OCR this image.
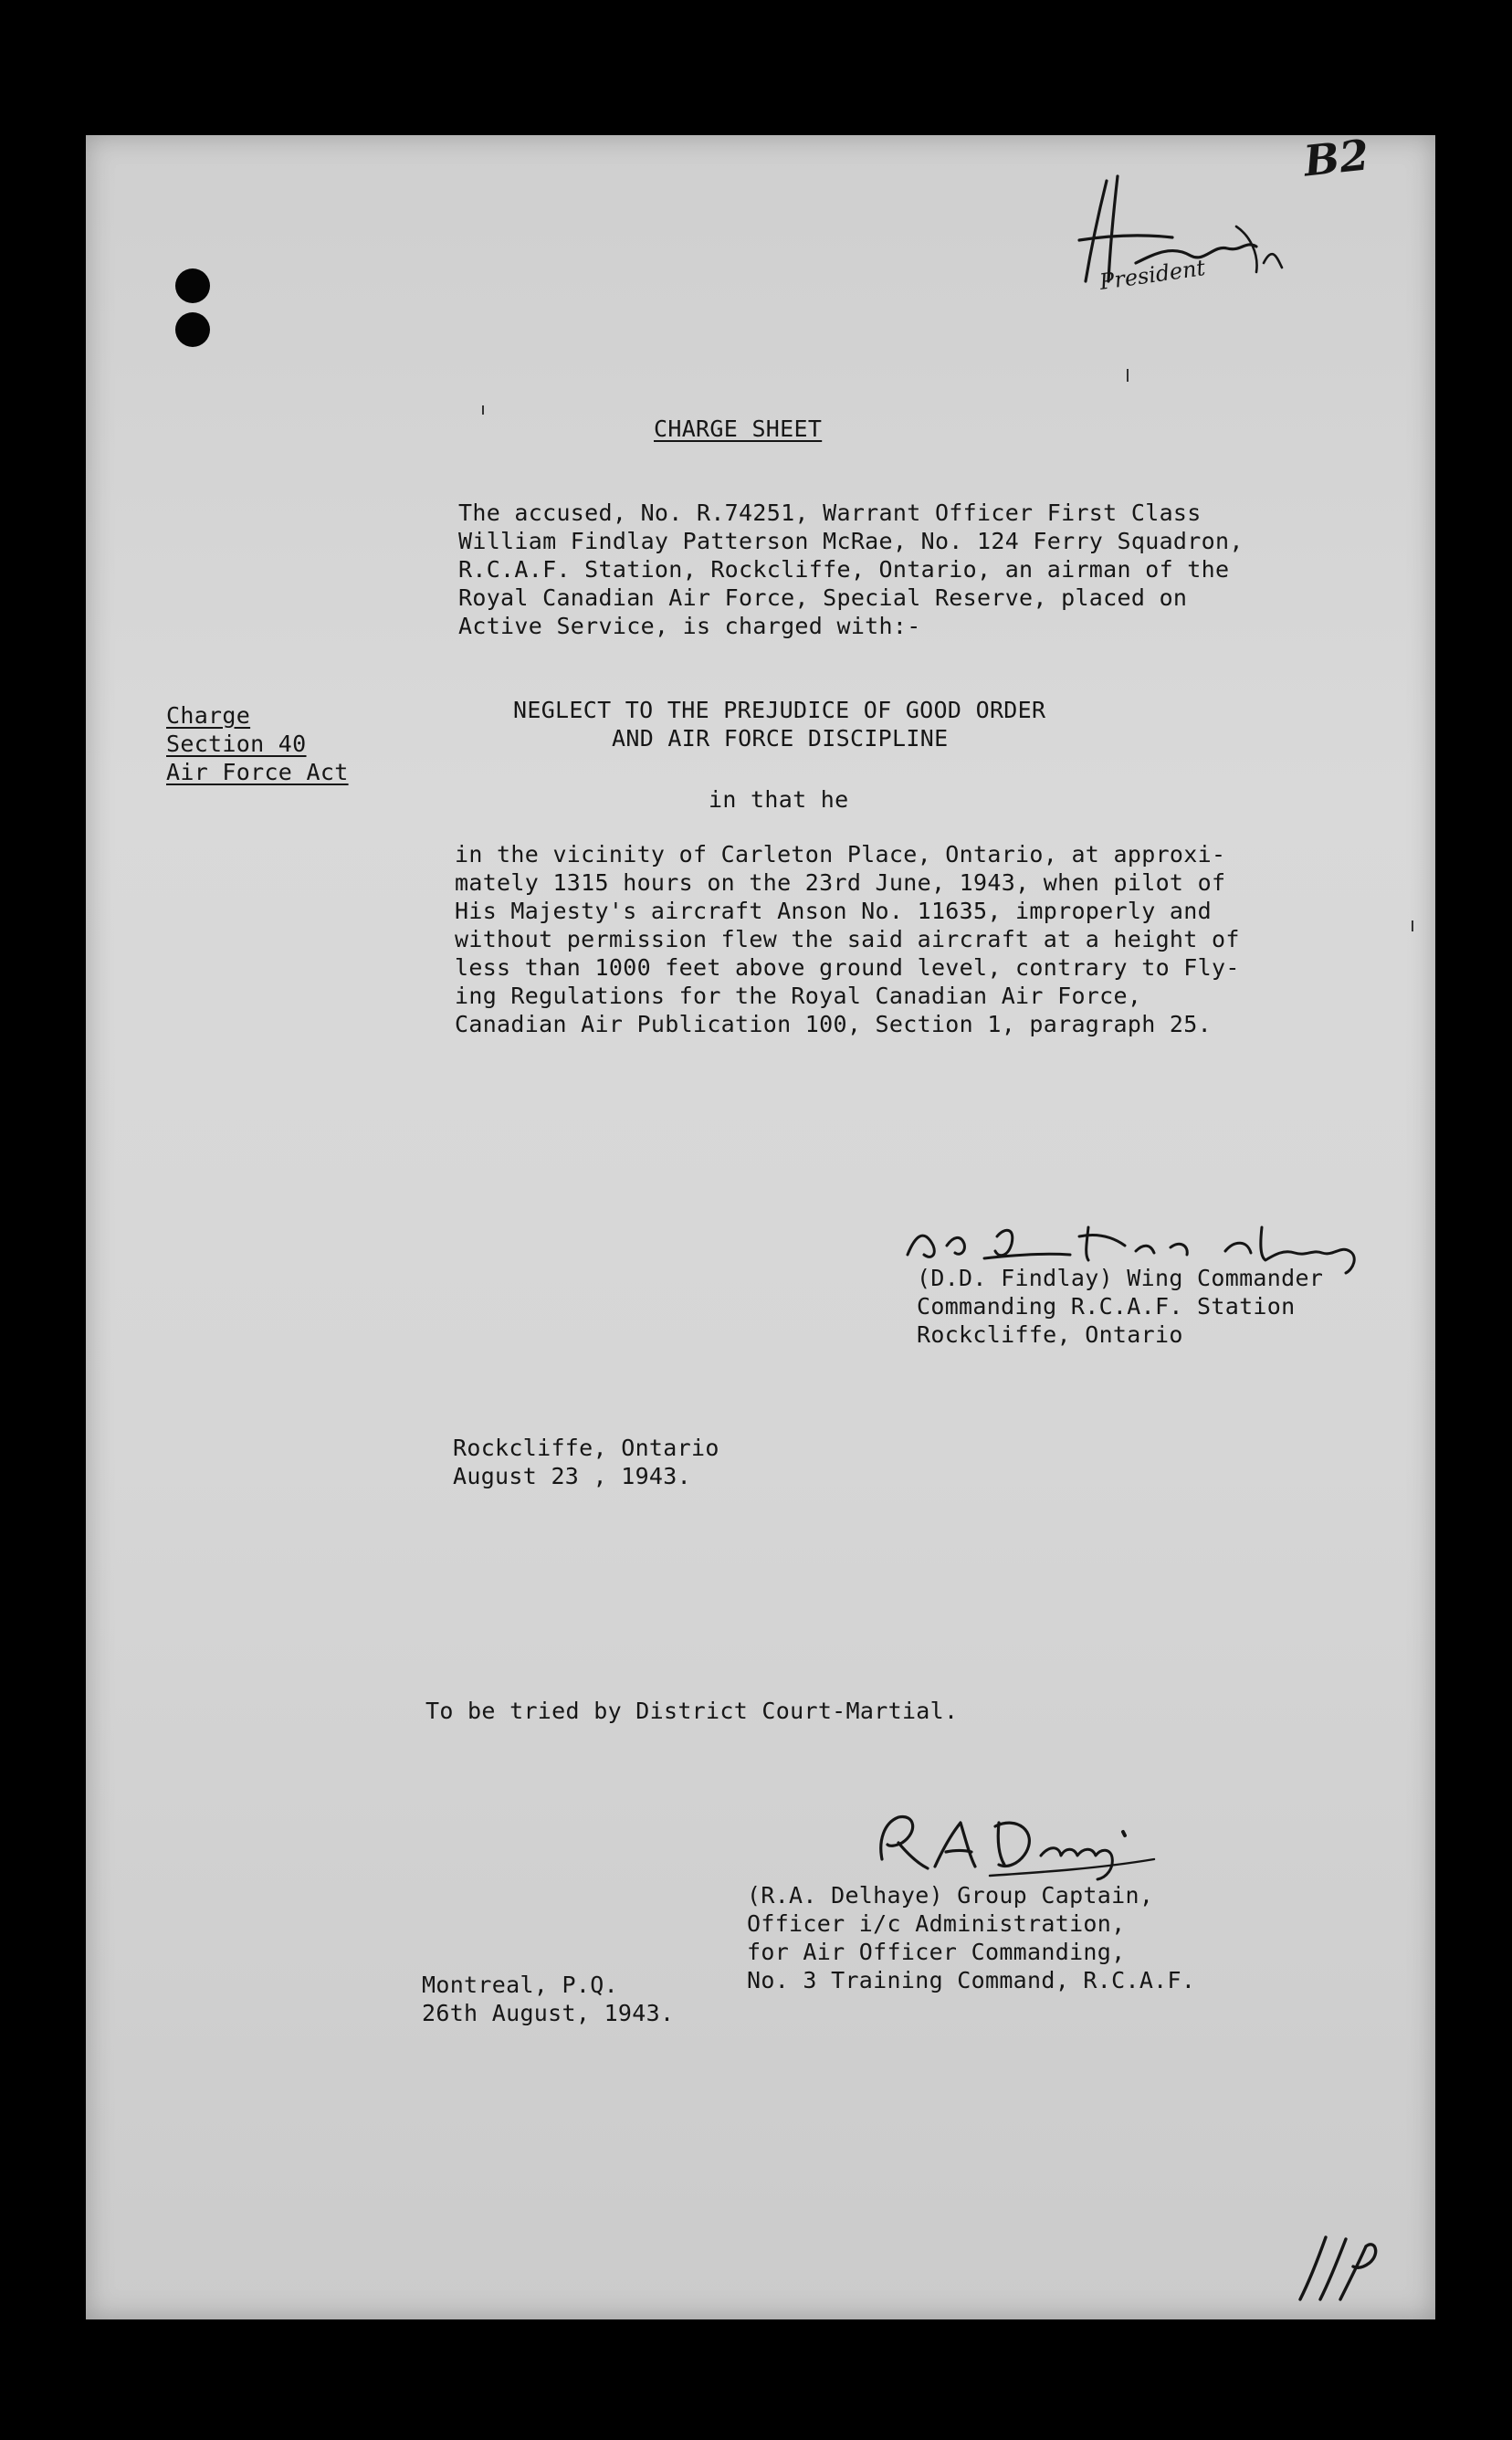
President
B2
CHARGE SHEET
The accused, No. R.74251, Warrant Officer First Class
William Findlay Patterson McRae, No. 124 Ferry Squadron,
R.C.A.F. Station, Rockcliffe, Ontario, an airman of the
Royal Canadian Air Force, Special Reserve, placed on
Active Service, is charged with:-
Charge
Section 40
Air Force Act
NEGLECT TO THE PREJUDICE OF GOOD ORDER
AND AIR FORCE DISCIPLINE
in that he
in the vicinity of Carleton Place, Ontario, at approxi-
mately 1315 hours on the 23rd June, 1943, when pilot of
His Majesty's aircraft Anson No. 11635, improperly and
without permission flew the said aircraft at a height of
less than 1000 feet above ground level, contrary to Fly-
ing Regulations for the Royal Canadian Air Force,
Canadian Air Publication 100, Section 1, paragraph 25.
(D.D. Findlay) Wing Commander
Commanding R.C.A.F. Station
Rockcliffe, Ontario
Rockcliffe, Ontario
August 23 , 1943.
To be tried by District Court-Martial.
(R.A. Delhaye) Group Captain,
Officer i/c Administration,
for Air Officer Commanding,
No. 3 Training Command, R.C.A.F.
Montreal, P.Q.
26th August, 1943.
